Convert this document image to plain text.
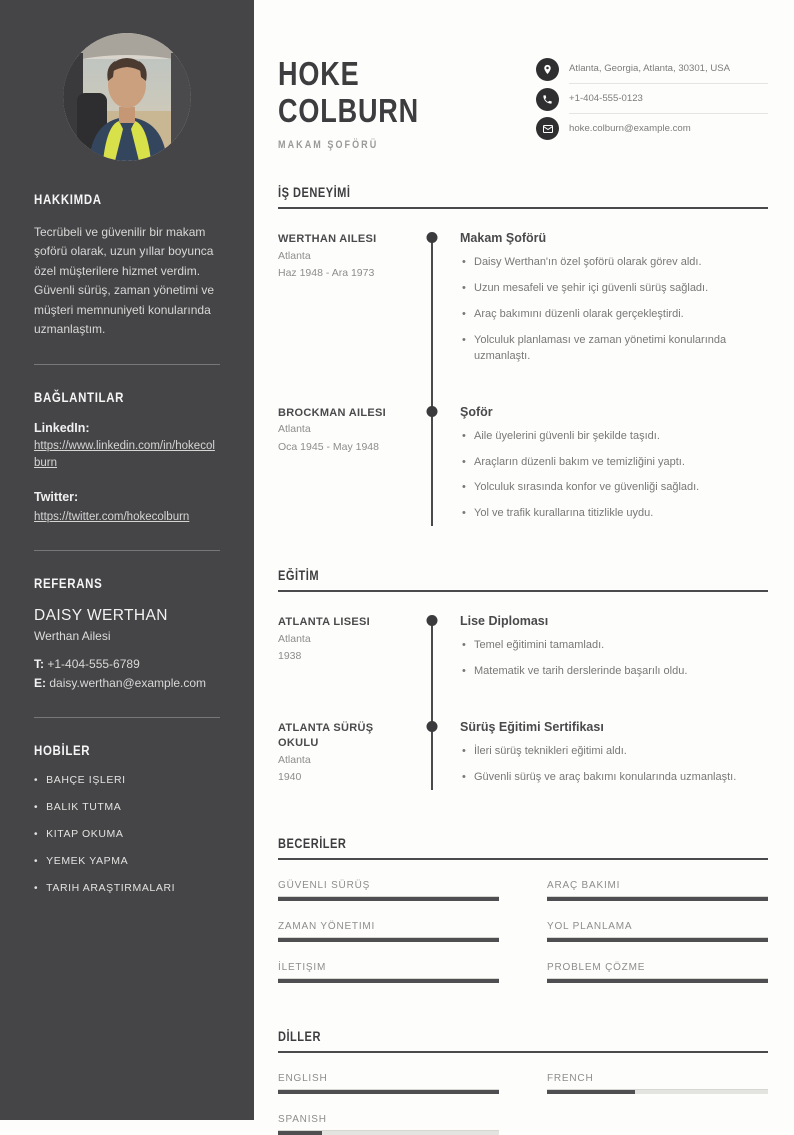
HAKKIMDA

Tecrübeli ve güvenilir bir makam şoförü olarak, uzun yıllar boyunca özel müşterilere hizmet verdim. Güvenli sürüş, zaman yönetimi ve müşteri memnuniyeti konularında uzmanlaştım.

BAĞLANTILAR
LinkedIn:
https://www.linkedin.com/in/hokecolburn
Twitter:
https://twitter.com/hokecolburn
REFERANS
DAISY WERTHAN
Werthan Ailesi
T: +1-404-555-6789
E: daisy.werthan@example.com
HOBİLER
• BAHÇE IŞLERI
• BALIK TUTMA
• KITAP OKUMA
• YEMEK YAPMA
• TARIH ARAŞTIRMALARI
HOKE
COLBURN
MAKAM ŞOFÖRÜ
Atlanta, Georgia, Atlanta, 30301, USA
+1-404-555-0123
hoke.colburn@example.com
İŞ DENEYİMİ
WERTHAN AILESI
Atlanta
Haz 1948 - Ara 1973
Makam Şoförü
• Daisy Werthan'ın özel şoförü olarak görev aldı.
• Uzun mesafeli ve şehir içi güvenli sürüş sağladı.
• Araç bakımını düzenli olarak gerçekleştirdi.
• Yolculuk planlaması ve zaman yönetimi konularında uzmanlaştı.
BROCKMAN AILESI
Atlanta
Oca 1945 - May 1948
Şoför
• Aile üyelerini güvenli bir şekilde taşıdı.
• Araçların düzenli bakım ve temizliğini yaptı.
• Yolculuk sırasında konfor ve güvenliği sağladı.
• Yol ve trafik kurallarına titizlikle uydu.
EĞİTİM
ATLANTA LISESI
Atlanta
1938
Lise Diploması
• Temel eğitimini tamamladı.
• Matematik ve tarih derslerinde başarılı oldu.
ATLANTA SÜRÜŞ OKULU
Atlanta
1940
Sürüş Eğitimi Sertifikası
• İleri sürüş teknikleri eğitimi aldı.
• Güvenli sürüş ve araç bakımı konularında uzmanlaştı.
BECERİLER
GÜVENLI SÜRÜŞ	ARAÇ BAKIMI
ZAMAN YÖNETIMI	YOL PLANLAMA
İLETIŞIM	PROBLEM ÇÖZME
DİLLER
ENGLISH	FRENCH
SPANISH
